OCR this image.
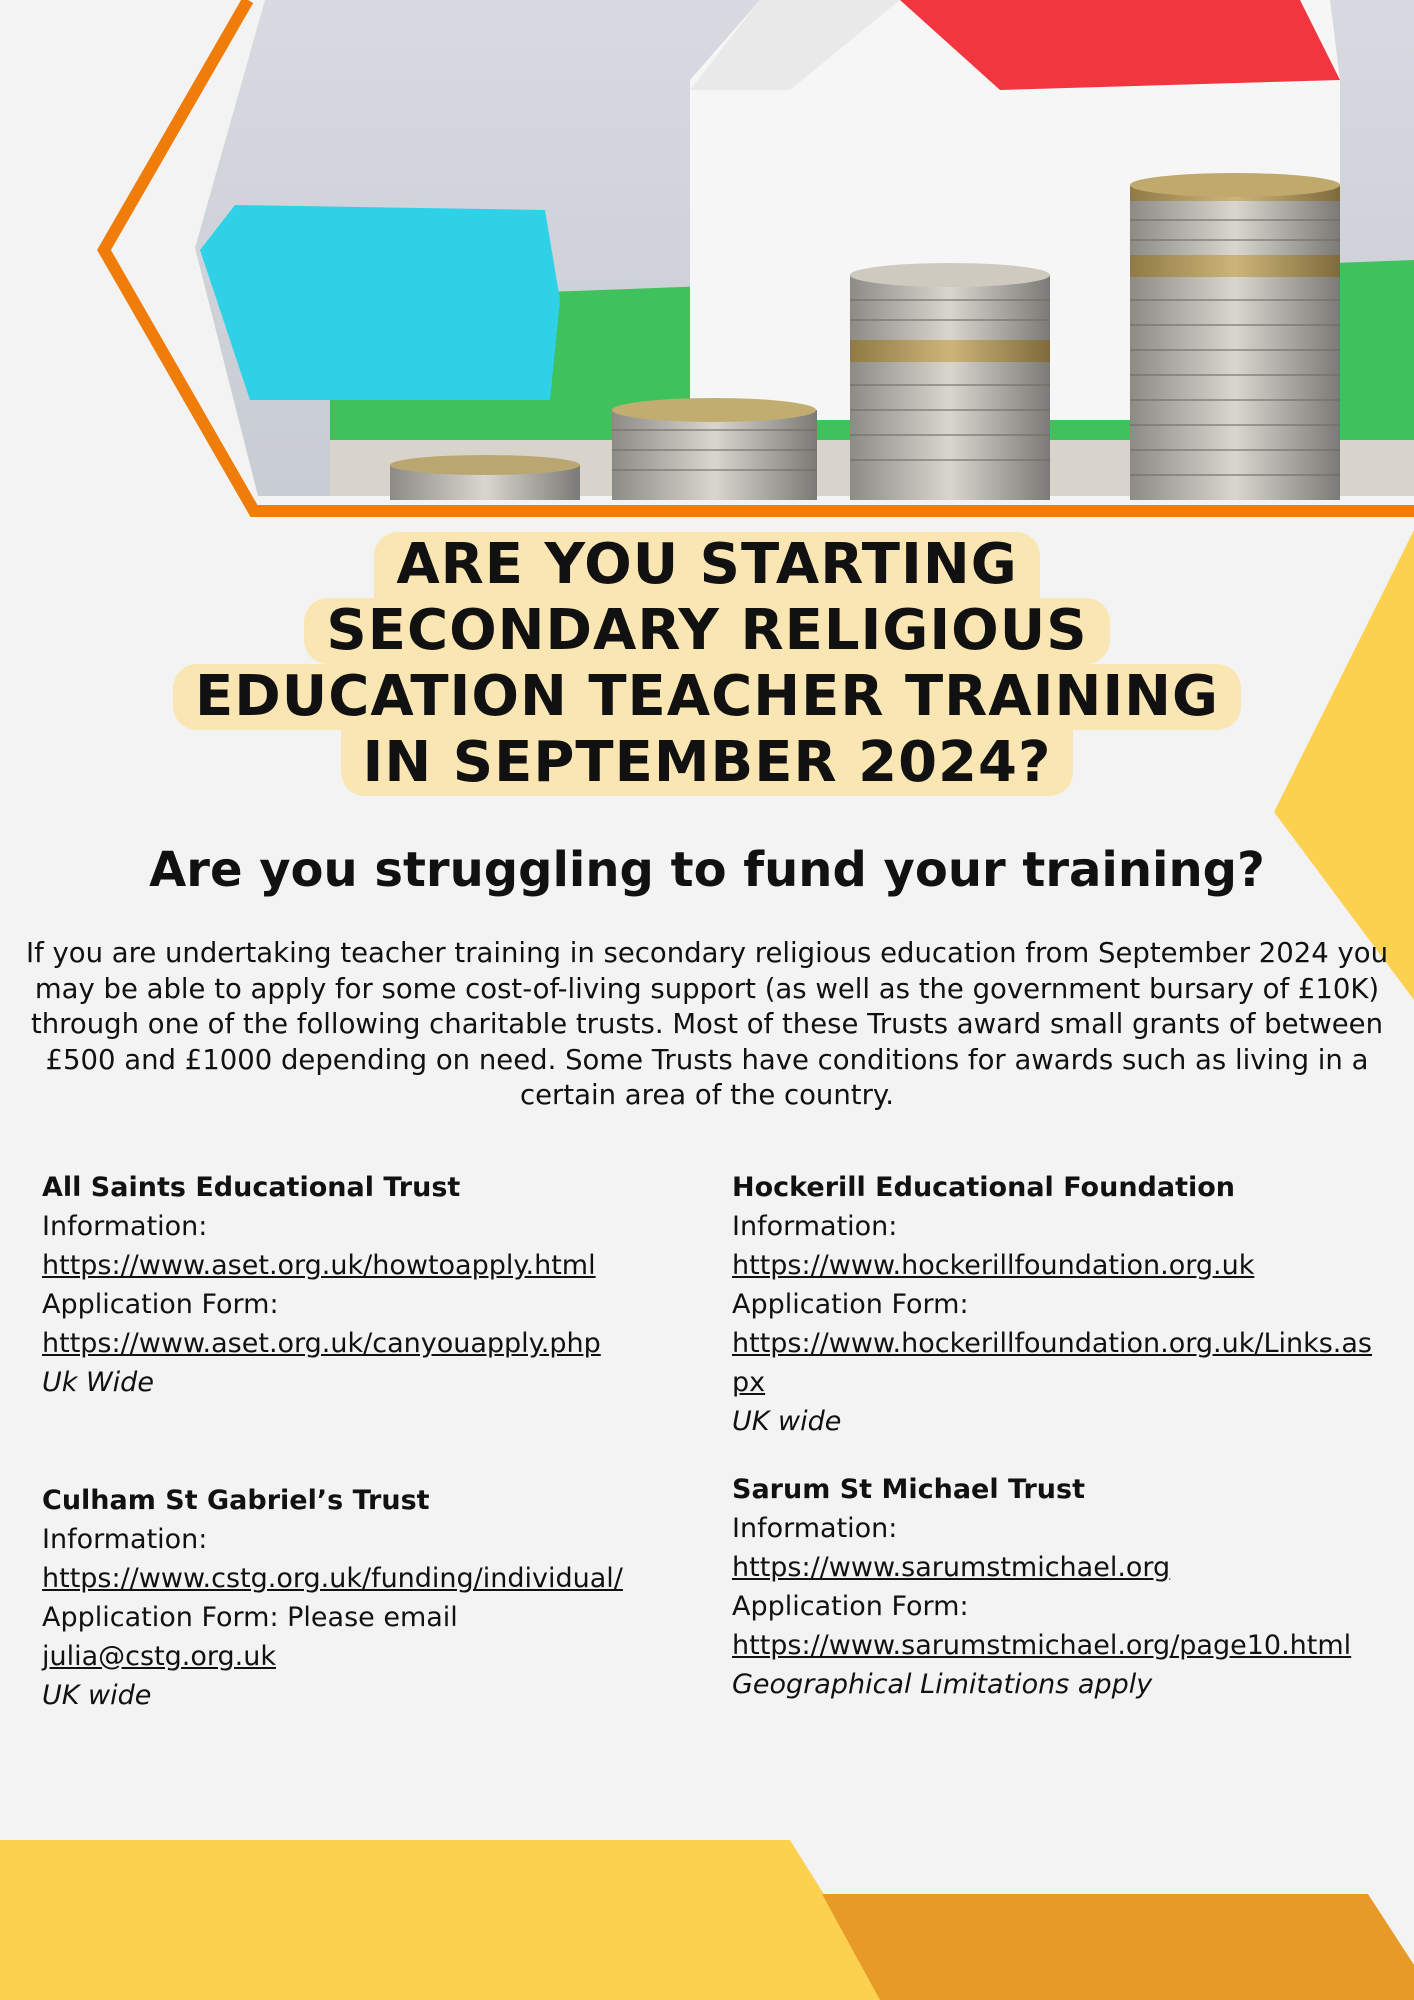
ARE YOU STARTING
SECONDARY RELIGIOUS
EDUCATION TEACHER TRAINING
IN SEPTEMBER 2024?
Are you struggling to fund your training?

If you are undertaking teacher training in secondary religious education from September 2024 you may be able to apply for some cost-of-living support (as well as the government bursary of £10K) through one of the following charitable trusts. Most of these Trusts award small grants of between £500 and £1000 depending on need. Some Trusts have conditions for awards such as living in a certain area of the country.

All Saints Educational Trust
Information:
https://www.aset.org.uk/howtoapply.html
Application Form:
https://www.aset.org.uk/canyouapply.php
Uk Wide
Hockerill Educational Foundation
Information:
https://www.hockerillfoundation.org.uk
Application Form:
https://www.hockerillfoundation.org.uk/Links.aspx
UK wide
Culham St Gabriel’s Trust
Information:
https://www.cstg.org.uk/funding/individual/
Application Form: Please email
julia@cstg.org.uk
UK wide
Sarum St Michael Trust
Information:
https://www.sarumstmichael.org
Application Form:
https://www.sarumstmichael.org/page10.html
Geographical Limitations apply
